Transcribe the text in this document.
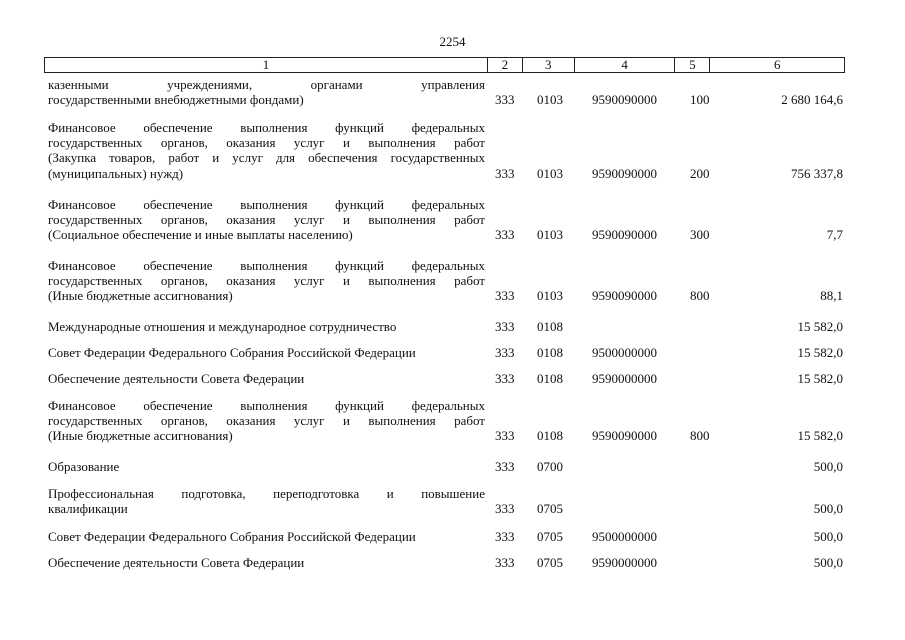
2254
1	2	3	4	5	6
казенными учреждениями, органами управления
государственными внебюджетными фондами)	333 0103 9590090000	100	2 680 164,6
Финансовое обеспечение выполнения функций федеральных
государственных органов, оказания услуг и выполнения работ
(Закупка товаров, работ и услуг для обеспечения государственных
(муниципальных) нужд)	333 0103 9590090000	200	756 337,8
Финансовое обеспечение выполнения функций федеральных
государственных органов, оказания услуг и выполнения работ
(Социальное обеспечение и иные выплаты населению)	333 0103 9590090000	300	7,7
Финансовое обеспечение выполнения функций федеральных
государственных органов, оказания услуг и выполнения работ
(Иные бюджетные ассигнования)	333 0103 9590090000	800	88,1
Международные отношения и международное сотрудничество	333 0108	15 582,0
Совет Федерации Федерального Собрания Российской Федерации	333 0108 9500000000	15 582,0
Обеспечение деятельности Совета Федерации	333 0108 9590000000	15 582,0
Финансовое обеспечение выполнения функций федеральных
государственных органов, оказания услуг и выполнения работ
(Иные бюджетные ассигнования)	333 0108 9590090000	800	15 582,0
Образование	333 0700	500,0
Профессиональная подготовка, переподготовка и повышение
квалификации	333 0705	500,0
Совет Федерации Федерального Собрания Российской Федерации	333 0705 9500000000	500,0
Обеспечение деятельности Совета Федерации	333 0705 9590000000	500,0
